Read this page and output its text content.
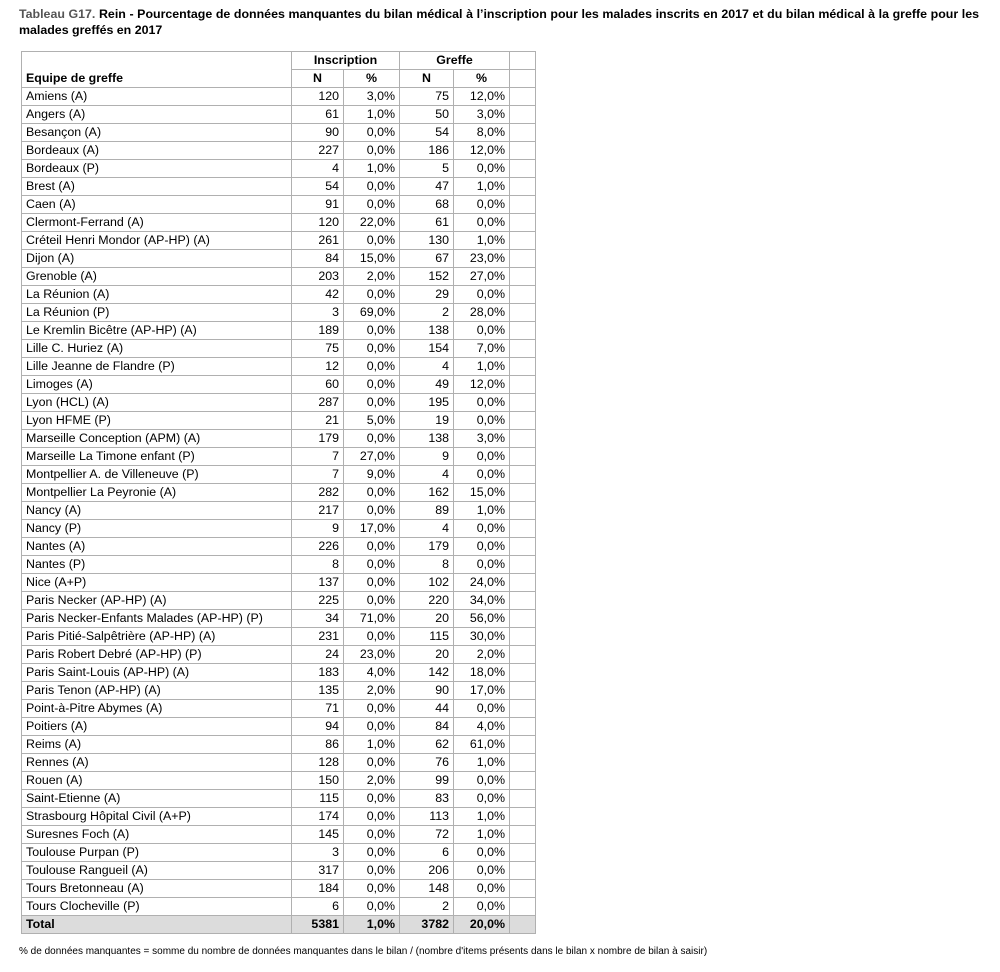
Tableau G17. Rein - Pourcentage de données manquantes du bilan médical à l’inscription pour les malades inscrits en 2017 et du bilan médical à la greffe pour les malades greffés en 2017
Equipe de greffe	Inscription		Greffe		
	N	%	N	%	
Amiens (A)	120	3,0%	75	12,0%	
Angers (A)	61	1,0%	50	3,0%	
Besançon (A)	90	0,0%	54	8,0%	
Bordeaux (A)	227	0,0%	186	12,0%	
Bordeaux (P)	4	1,0%	5	0,0%	
Brest (A)	54	0,0%	47	1,0%	
Caen (A)	91	0,0%	68	0,0%	
Clermont-Ferrand (A)	120	22,0%	61	0,0%	
Créteil Henri Mondor (AP-HP) (A)	261	0,0%	130	1,0%	
Dijon (A)	84	15,0%	67	23,0%	
Grenoble (A)	203	2,0%	152	27,0%	
La Réunion (A)	42	0,0%	29	0,0%	
La Réunion (P)	3	69,0%	2	28,0%	
Le Kremlin Bicêtre (AP-HP) (A)	189	0,0%	138	0,0%	
Lille C. Huriez (A)	75	0,0%	154	7,0%	
Lille Jeanne de Flandre (P)	12	0,0%	4	1,0%	
Limoges (A)	60	0,0%	49	12,0%	
Lyon (HCL) (A)	287	0,0%	195	0,0%	
Lyon HFME (P)	21	5,0%	19	0,0%	
Marseille Conception (APM) (A)	179	0,0%	138	3,0%	
Marseille La Timone enfant (P)	7	27,0%	9	0,0%	
Montpellier A. de Villeneuve (P)	7	9,0%	4	0,0%	
Montpellier La Peyronie (A)	282	0,0%	162	15,0%	
Nancy (A)	217	0,0%	89	1,0%	
Nancy (P)	9	17,0%	4	0,0%	
Nantes (A)	226	0,0%	179	0,0%	
Nantes (P)	8	0,0%	8	0,0%	
Nice (A+P)	137	0,0%	102	24,0%	
Paris Necker (AP-HP) (A)	225	0,0%	220	34,0%	
Paris Necker-Enfants Malades (AP-HP) (P)	34	71,0%	20	56,0%	
Paris Pitié-Salpêtrière (AP-HP) (A)	231	0,0%	115	30,0%	
Paris Robert Debré (AP-HP) (P)	24	23,0%	20	2,0%	
Paris Saint-Louis (AP-HP) (A)	183	4,0%	142	18,0%	
Paris Tenon (AP-HP) (A)	135	2,0%	90	17,0%	
Point-à-Pitre Abymes (A)	71	0,0%	44	0,0%	
Poitiers (A)	94	0,0%	84	4,0%	
Reims (A)	86	1,0%	62	61,0%	
Rennes (A)	128	0,0%	76	1,0%	
Rouen (A)	150	2,0%	99	0,0%	
Saint-Etienne (A)	115	0,0%	83	0,0%	
Strasbourg Hôpital Civil (A+P)	174	0,0%	113	1,0%	
Suresnes Foch (A)	145	0,0%	72	1,0%	
Toulouse Purpan (P)	3	0,0%	6	0,0%	
Toulouse Rangueil (A)	317	0,0%	206	0,0%	
Tours Bretonneau (A)	184	0,0%	148	0,0%	
Tours Clocheville (P)	6	0,0%	2	0,0%	
Total	5381	1,0%	3782	20,0%	
% de données manquantes = somme du nombre de données manquantes dans le bilan / (nombre d'items présents dans le bilan x nombre de bilan à saisir)
